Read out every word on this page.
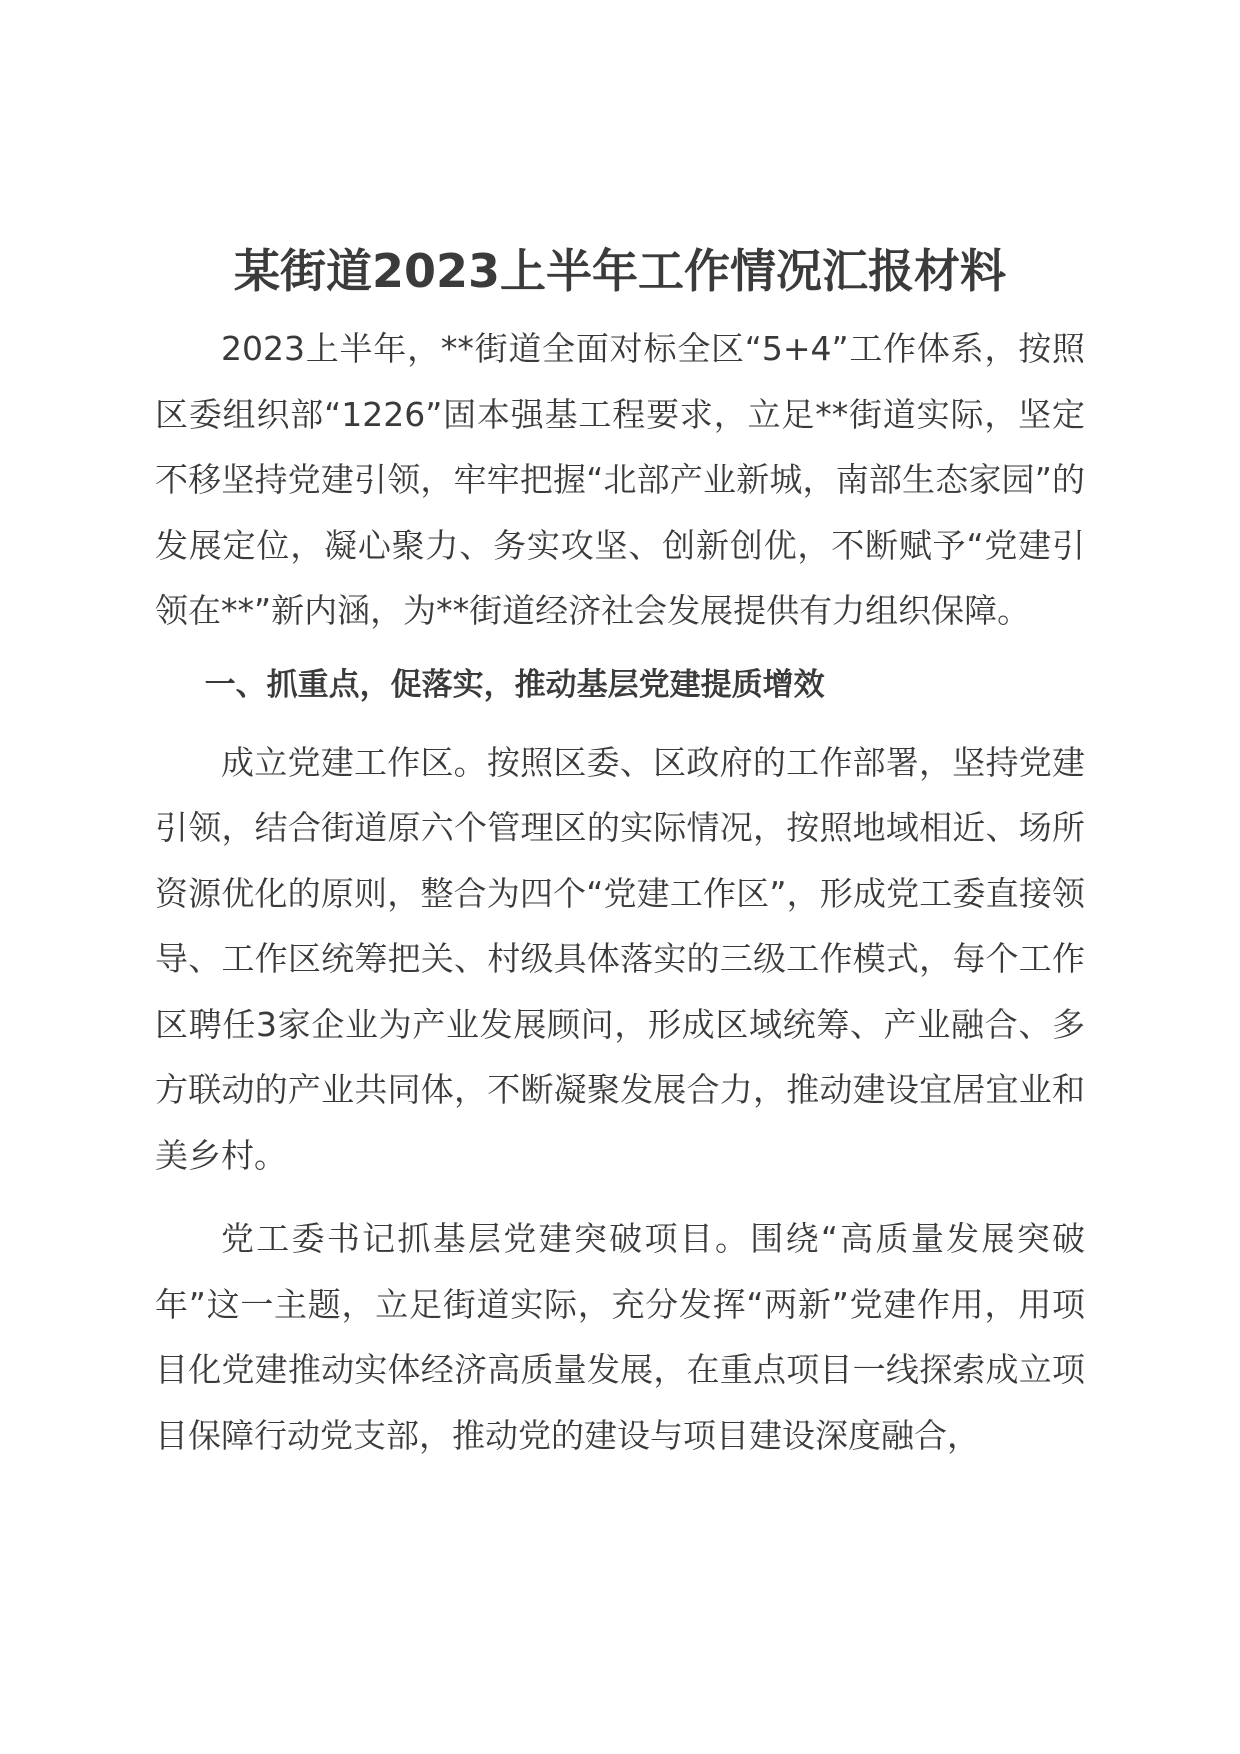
某街道2023上半年工作情况汇报材料

2023上半年，**街道全面对标全区“5+4”工作体系，按照区委组织部“1226”固本强基工程要求，立足**街道实际，坚定不移坚持党建引领，牢牢把握“北部产业新城，南部生态家园”的发展定位，凝心聚力、务实攻坚、创新创优，不断赋予“党建引领在**”新内涵，为**街道经济社会发展提供有力组织保障。

一、抓重点，促落实，推动基层党建提质增效

成立党建工作区。按照区委、区政府的工作部署，坚持党建引领，结合街道原六个管理区的实际情况，按照地域相近、场所资源优化的原则，整合为四个“党建工作区”，形成党工委直接领导、工作区统筹把关、村级具体落实的三级工作模式，每个工作区聘任3家企业为产业发展顾问，形成区域统筹、产业融合、多方联动的产业共同体，不断凝聚发展合力，推动建设宜居宜业和美乡村。

党工委书记抓基层党建突破项目。围绕“高质量发展突破年”这一主题，立足街道实际，充分发挥“两新”党建作用，用项目化党建推动实体经济高质量发展，在重点项目一线探索成立项目保障行动党支部，推动党的建设与项目建设深度融合，
